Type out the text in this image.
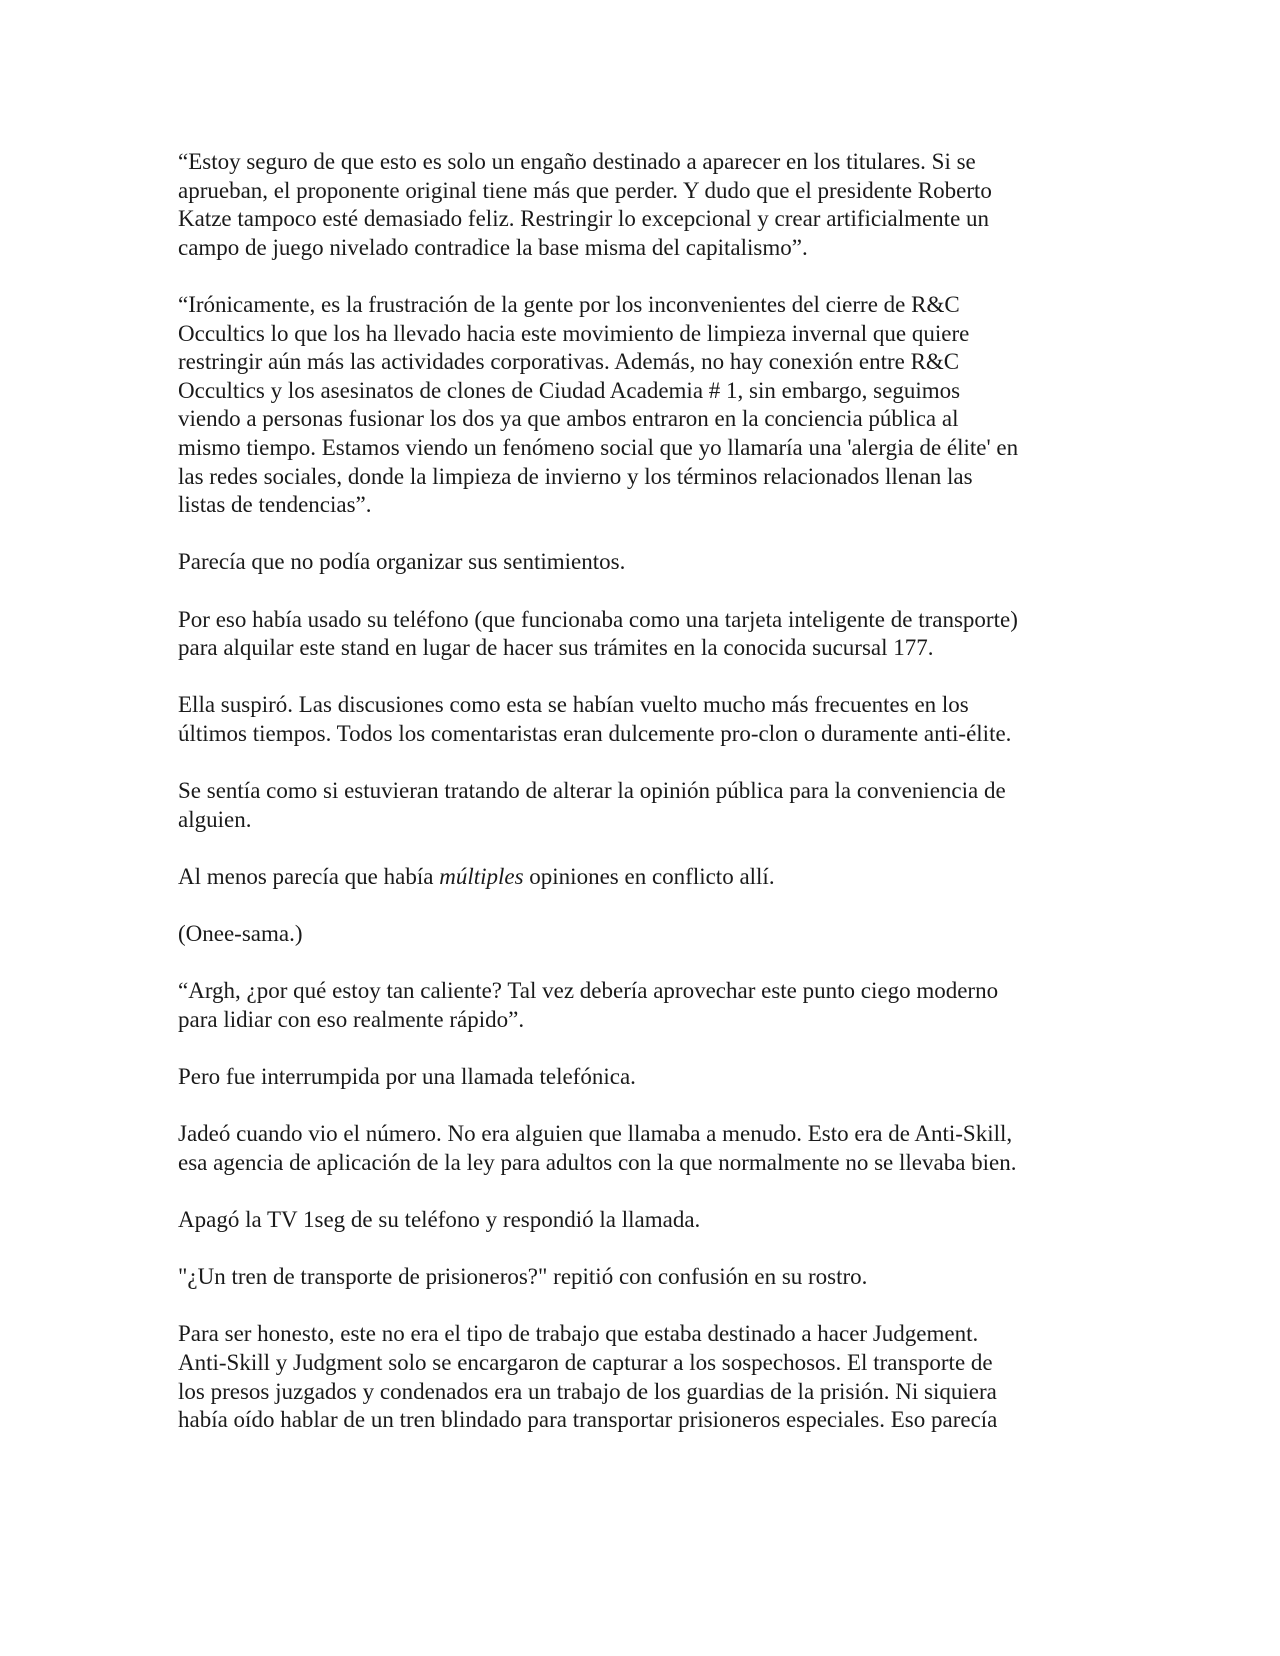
“Estoy seguro de que esto es solo un engaño destinado a aparecer en los titulares. Si se
aprueban, el proponente original tiene más que perder. Y dudo que el presidente Roberto
Katze tampoco esté demasiado feliz. Restringir lo excepcional y crear artificialmente un
campo de juego nivelado contradice la base misma del capitalismo”.

“Irónicamente, es la frustración de la gente por los inconvenientes del cierre de R&C
Occultics lo que los ha llevado hacia este movimiento de limpieza invernal que quiere
restringir aún más las actividades corporativas. Además, no hay conexión entre R&C
Occultics y los asesinatos de clones de Ciudad Academia # 1, sin embargo, seguimos
viendo a personas fusionar los dos ya que ambos entraron en la conciencia pública al
mismo tiempo. Estamos viendo un fenómeno social que yo llamaría una 'alergia de élite' en
las redes sociales, donde la limpieza de invierno y los términos relacionados llenan las
listas de tendencias”.

Parecía que no podía organizar sus sentimientos.

Por eso había usado su teléfono (que funcionaba como una tarjeta inteligente de transporte)
para alquilar este stand en lugar de hacer sus trámites en la conocida sucursal 177.

Ella suspiró. Las discusiones como esta se habían vuelto mucho más frecuentes en los
últimos tiempos. Todos los comentaristas eran dulcemente pro-clon o duramente anti-élite.

Se sentía como si estuvieran tratando de alterar la opinión pública para la conveniencia de
alguien.

Al menos parecía que había múltiples opiniones en conflicto allí.

(Onee-sama.)

“Argh, ¿por qué estoy tan caliente? Tal vez debería aprovechar este punto ciego moderno
para lidiar con eso realmente rápido”.

Pero fue interrumpida por una llamada telefónica.

Jadeó cuando vio el número. No era alguien que llamaba a menudo. Esto era de Anti-Skill,
esa agencia de aplicación de la ley para adultos con la que normalmente no se llevaba bien.

Apagó la TV 1seg de su teléfono y respondió la llamada.

"¿Un tren de transporte de prisioneros?" repitió con confusión en su rostro.

Para ser honesto, este no era el tipo de trabajo que estaba destinado a hacer Judgement.
Anti-Skill y Judgment solo se encargaron de capturar a los sospechosos. El transporte de
los presos juzgados y condenados era un trabajo de los guardias de la prisión. Ni siquiera
había oído hablar de un tren blindado para transportar prisioneros especiales. Eso parecía
